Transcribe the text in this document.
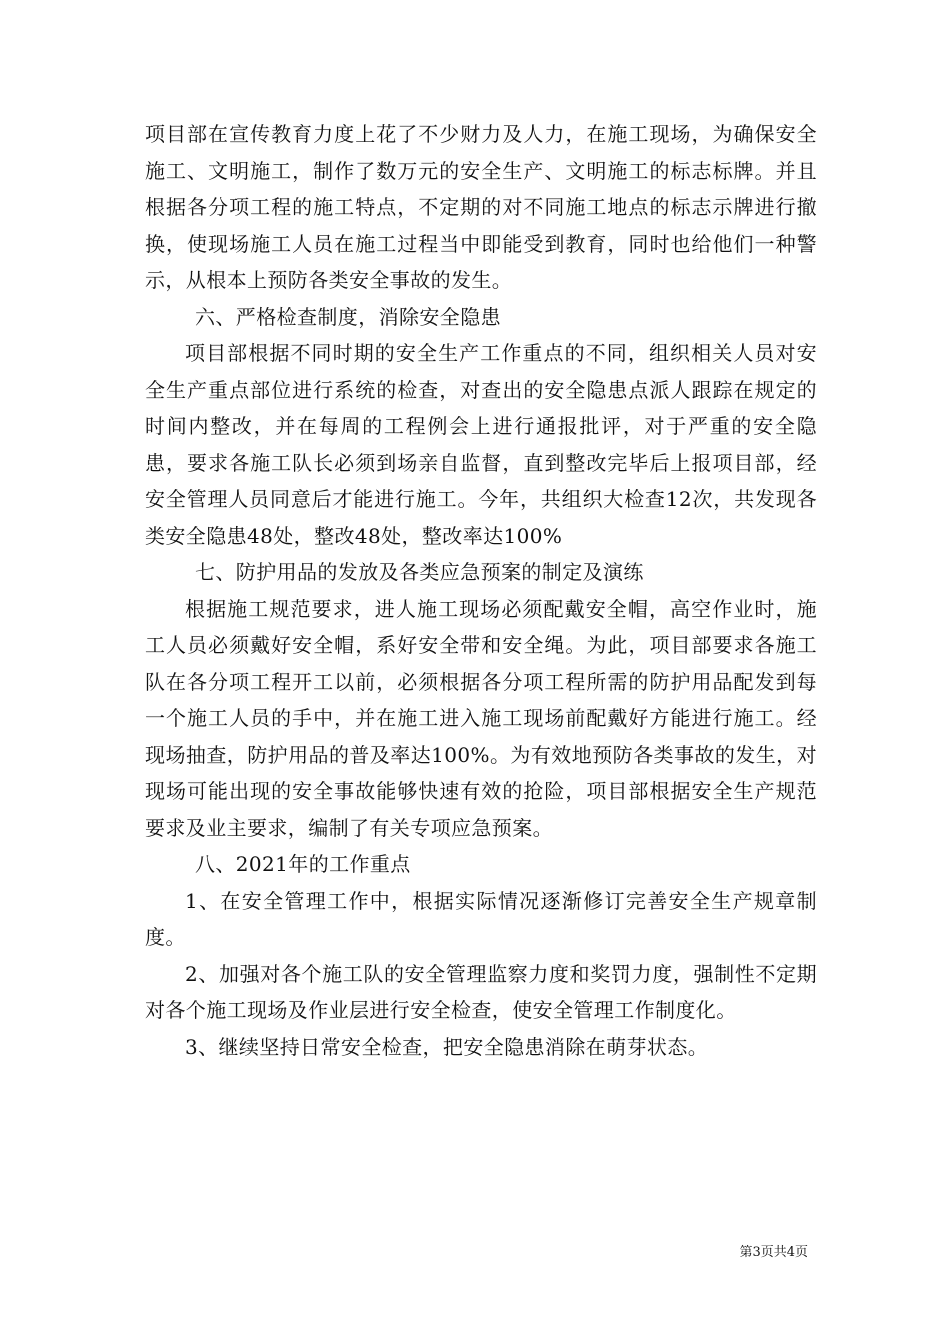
项目部在宣传教育力度上花了不少财力及人力，在施工现场，为确保安全施工、文明施工，制作了数万元的安全生产、文明施工的标志标牌。并且根据各分项工程的施工特点，不定期的对不同施工地点的标志示牌进行撤换，使现场施工人员在施工过程当中即能受到教育，同时也给他们一种警示，从根本上预防各类安全事故的发生。

六、严格检查制度，消除安全隐患

项目部根据不同时期的安全生产工作重点的不同，组织相关人员对安全生产重点部位进行系统的检查，对查出的安全隐患点派人跟踪在规定的时间内整改，并在每周的工程例会上进行通报批评，对于严重的安全隐患，要求各施工队长必须到场亲自监督，直到整改完毕后上报项目部，经安全管理人员同意后才能进行施工。今年，共组织大检查12次，共发现各类安全隐患48处，整改48处，整改率达100%

七、防护用品的发放及各类应急预案的制定及演练

根据施工规范要求，进人施工现场必须配戴安全帽，高空作业时，施工人员必须戴好安全帽，系好安全带和安全绳。为此，项目部要求各施工队在各分项工程开工以前，必须根据各分项工程所需的防护用品配发到每一个施工人员的手中，并在施工进入施工现场前配戴好方能进行施工。经现场抽查，防护用品的普及率达100%。为有效地预防各类事故的发生，对现场可能出现的安全事故能够快速有效的抢险，项目部根据安全生产规范要求及业主要求，编制了有关专项应急预案。

八、2021年的工作重点

1、在安全管理工作中，根据实际情况逐渐修订完善安全生产规章制度。

2、加强对各个施工队的安全管理监察力度和奖罚力度，强制性不定期对各个施工现场及作业层进行安全检查，使安全管理工作制度化。

3、继续坚持日常安全检查，把安全隐患消除在萌芽状态。

第3页共4页
